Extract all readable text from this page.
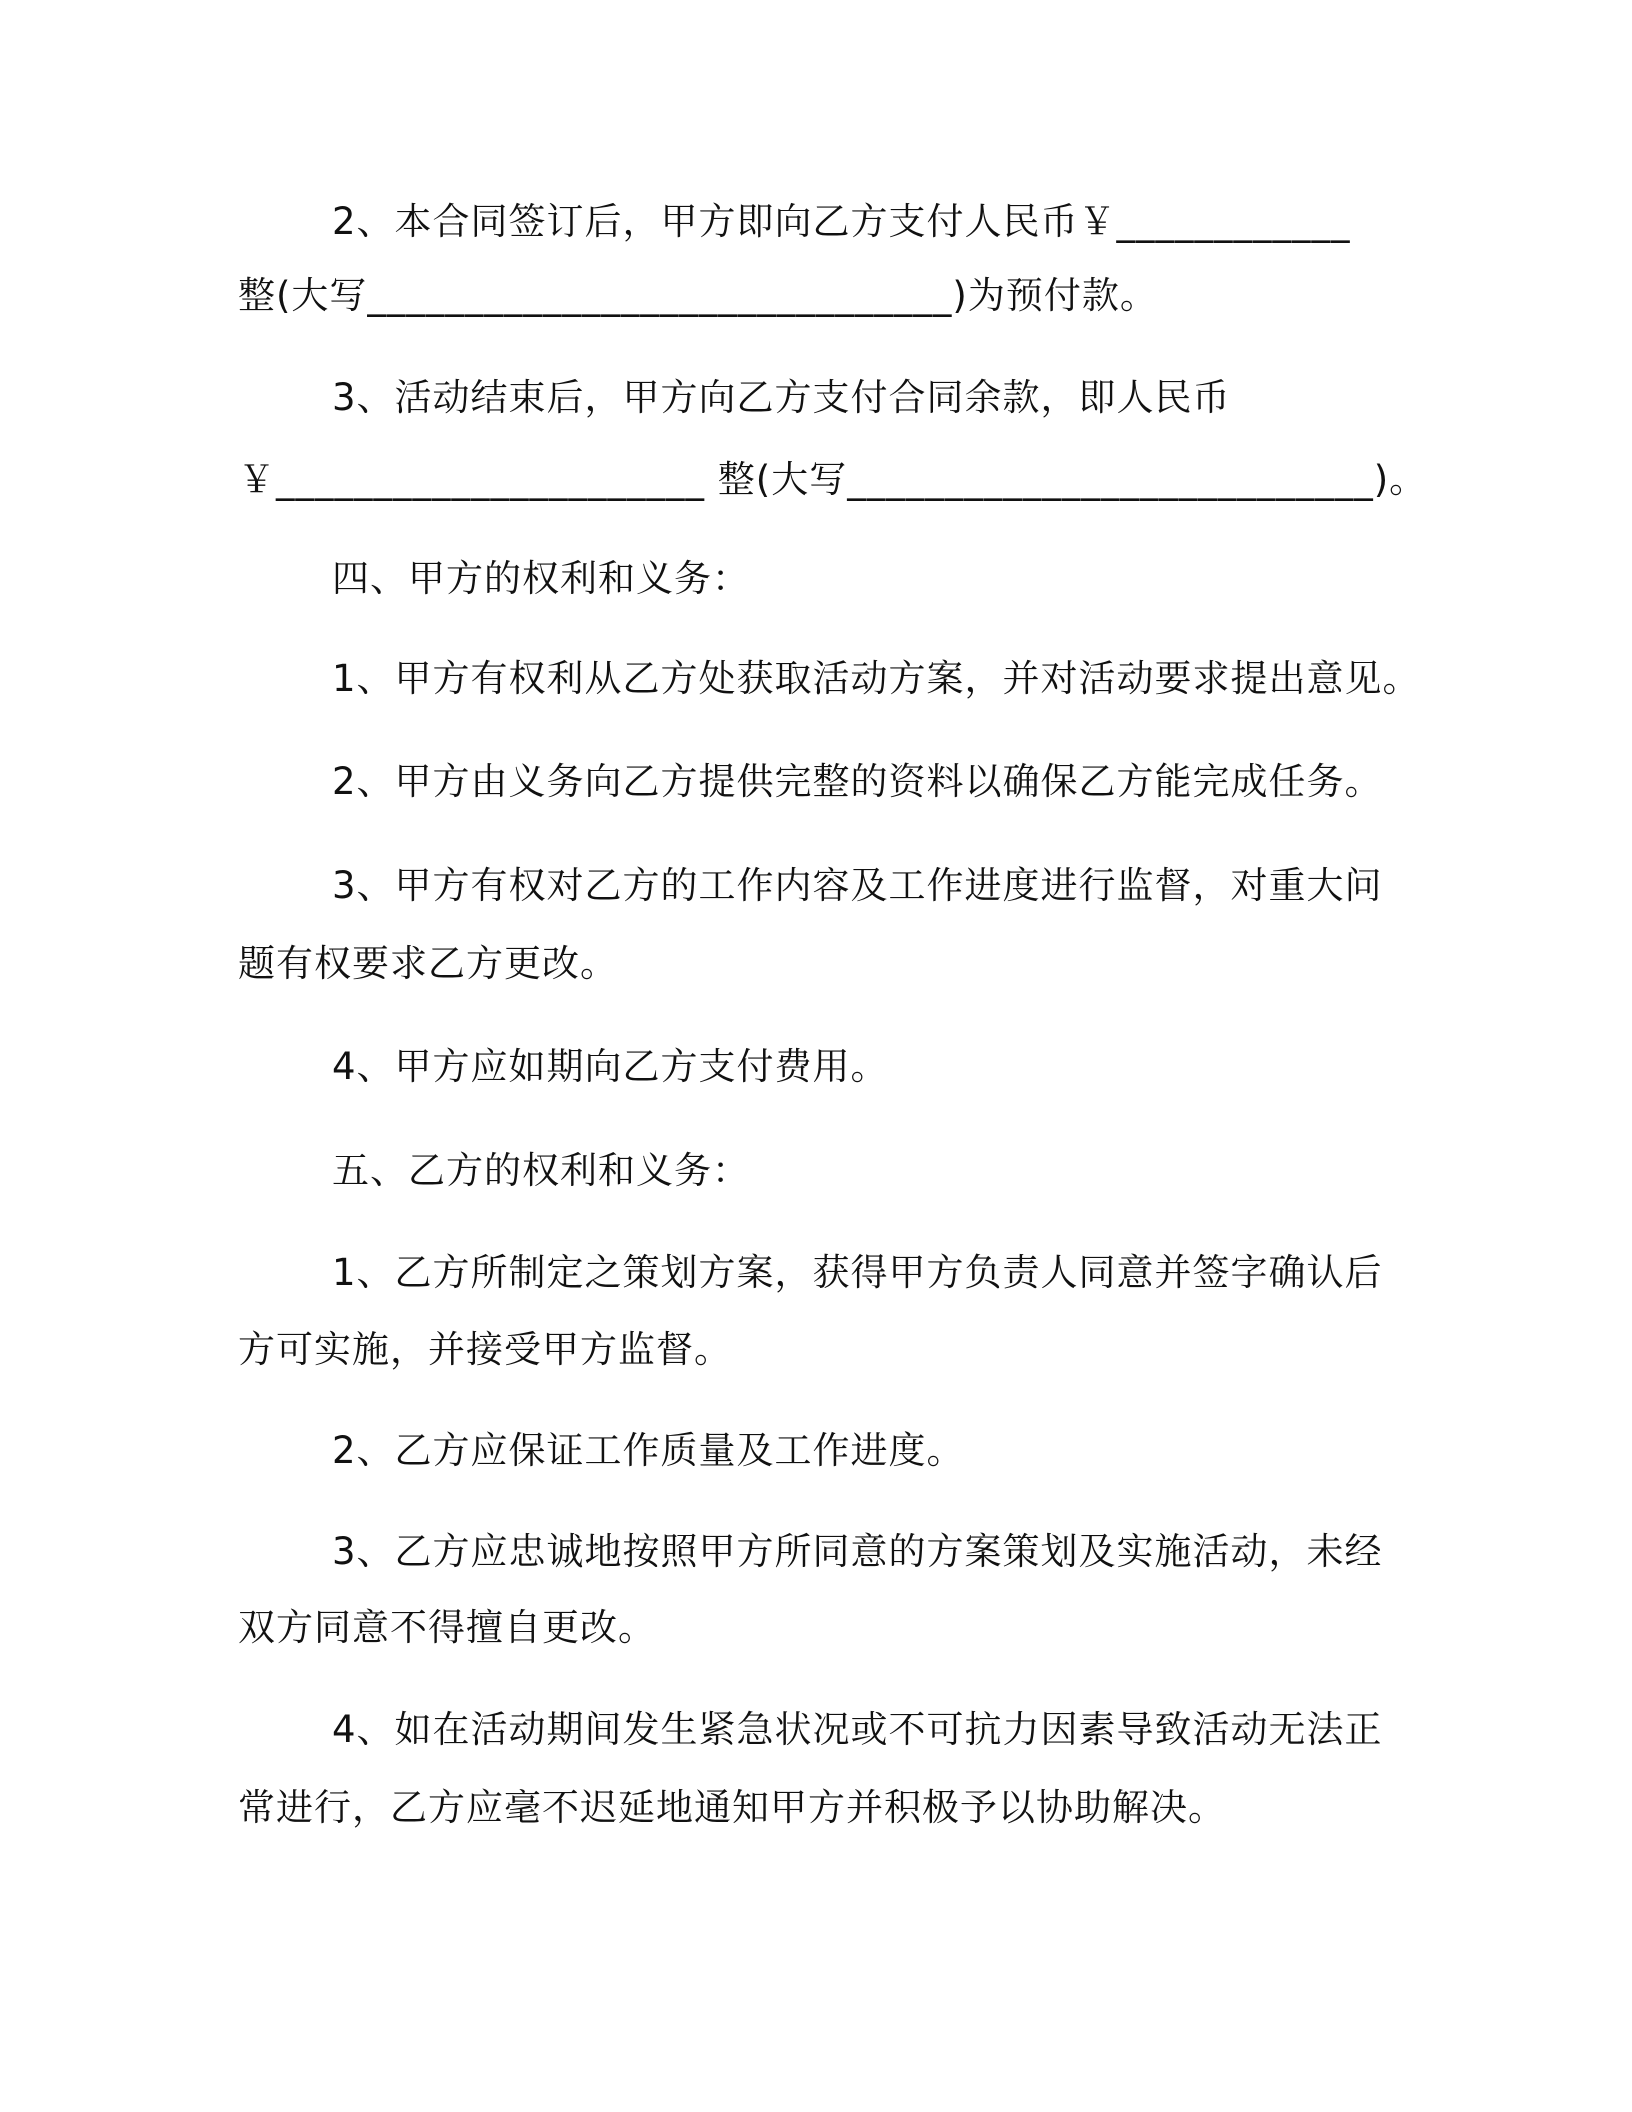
2、本合同签订后，甲方即向乙方支付人民币￥____________
整(大写______________________________)为预付款。
3、活动结束后，甲方向乙方支付合同余款，即人民币
￥______________________ 整(大写___________________________)。
四、甲方的权利和义务：
1、甲方有权利从乙方处获取活动方案，并对活动要求提出意见。
2、甲方由义务向乙方提供完整的资料以确保乙方能完成任务。
3、甲方有权对乙方的工作内容及工作进度进行监督，对重大问
题有权要求乙方更改。
4、甲方应如期向乙方支付费用。
五、乙方的权利和义务：
1、乙方所制定之策划方案，获得甲方负责人同意并签字确认后
方可实施，并接受甲方监督。
2、乙方应保证工作质量及工作进度。
3、乙方应忠诚地按照甲方所同意的方案策划及实施活动，未经
双方同意不得擅自更改。
4、如在活动期间发生紧急状况或不可抗力因素导致活动无法正
常进行，乙方应毫不迟延地通知甲方并积极予以协助解决。
